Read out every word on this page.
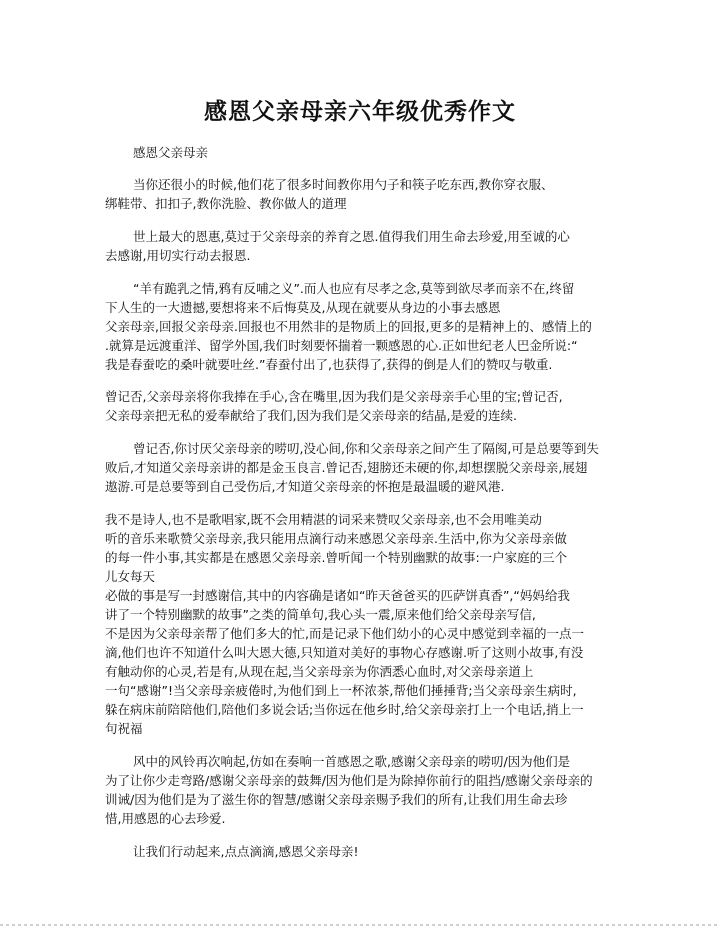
感恩父亲母亲六年级优秀作文

感恩父亲母亲

当你还很小的时候,他们花了很多时间教你用勺子和筷子吃东西,教你穿衣服、
绑鞋带、扣扣子,教你洗脸、教你做人的道理

世上最大的恩惠,莫过于父亲母亲的养育之恩.值得我们用生命去珍爱,用至诚的心
去感谢,用切实行动去报恩.

“羊有跪乳之情,鸦有反哺之义”.而人也应有尽孝之念,莫等到欲尽孝而亲不在,终留
下人生的一大遗撼,要想将来不后悔莫及,从现在就要从身边的小事去感恩
父亲母亲,回报父亲母亲.回报也不用然非的是物质上的回报,更多的是精神上的、感情上的
.就算是远渡重洋、留学外国,我们时刻要怀揣着一颗感恩的心.正如世纪老人巴金所说:“
我是春蚕吃的桑叶就要吐丝.”春蚕付出了,也获得了,获得的倒是人们的赞叹与敬重.

曾记否,父亲母亲将你我捧在手心,含在嘴里,因为我们是父亲母亲手心里的宝;曾记否,
父亲母亲把无私的爱奉献给了我们,因为我们是父亲母亲的结晶,是爱的连续.

曾记否,你讨厌父亲母亲的唠叨,没心间,你和父亲母亲之间产生了隔阂,可是总要等到失
败后,才知道父亲母亲讲的都是金玉良言.曾记否,翅膀还未硬的你,却想摆脱父亲母亲,展翅
遨游.可是总要等到自己受伤后,才知道父亲母亲的怀抱是最温暖的避风港.

我不是诗人,也不是歌唱家,既不会用精湛的词采来赞叹父亲母亲,也不会用唯美动
听的音乐来歌赞父亲母亲,我只能用点滴行动来感恩父亲母亲.生活中,你为父亲母亲做
的每一件小事,其实都是在感恩父亲母亲.曾听闻一个特别幽默的故事:一户家庭的三个
儿女每天
必做的事是写一封感谢信,其中的内容确是诸如“昨天爸爸买的匹萨饼真香”,“妈妈给我
讲了一个特别幽默的故事”之类的简单句,我心头一震,原来他们给父亲母亲写信,
不是因为父亲母亲帮了他们多大的忙,而是记录下他们幼小的心灵中感觉到幸福的一点一
滴,他们也许不知道什么叫大恩大德,只知道对美好的事物心存感谢.听了这则小故事,有没
有触动你的心灵,若是有,从现在起,当父亲母亲为你洒悉心血时,对父亲母亲道上
一句“感谢”!当父亲母亲疲倦时,为他们到上一杯浓茶,帮他们捶捶背;当父亲母亲生病时,
躲在病床前陪陪他们,陪他们多说会话;当你远在他乡时,给父亲母亲打上一个电话,捎上一
句祝福

风中的风铃再次响起,仿如在奏响一首感恩之歌,感谢父亲母亲的唠叨/因为他们是
为了让你少走弯路/感谢父亲母亲的鼓舞/因为他们是为除掉你前行的阻挡/感谢父亲母亲的
训诫/因为他们是为了滋生你的智慧/感谢父亲母亲赐予我们的所有,让我们用生命去珍
惜,用感恩的心去珍爱.

让我们行动起来,点点滴滴,感恩父亲母亲!
